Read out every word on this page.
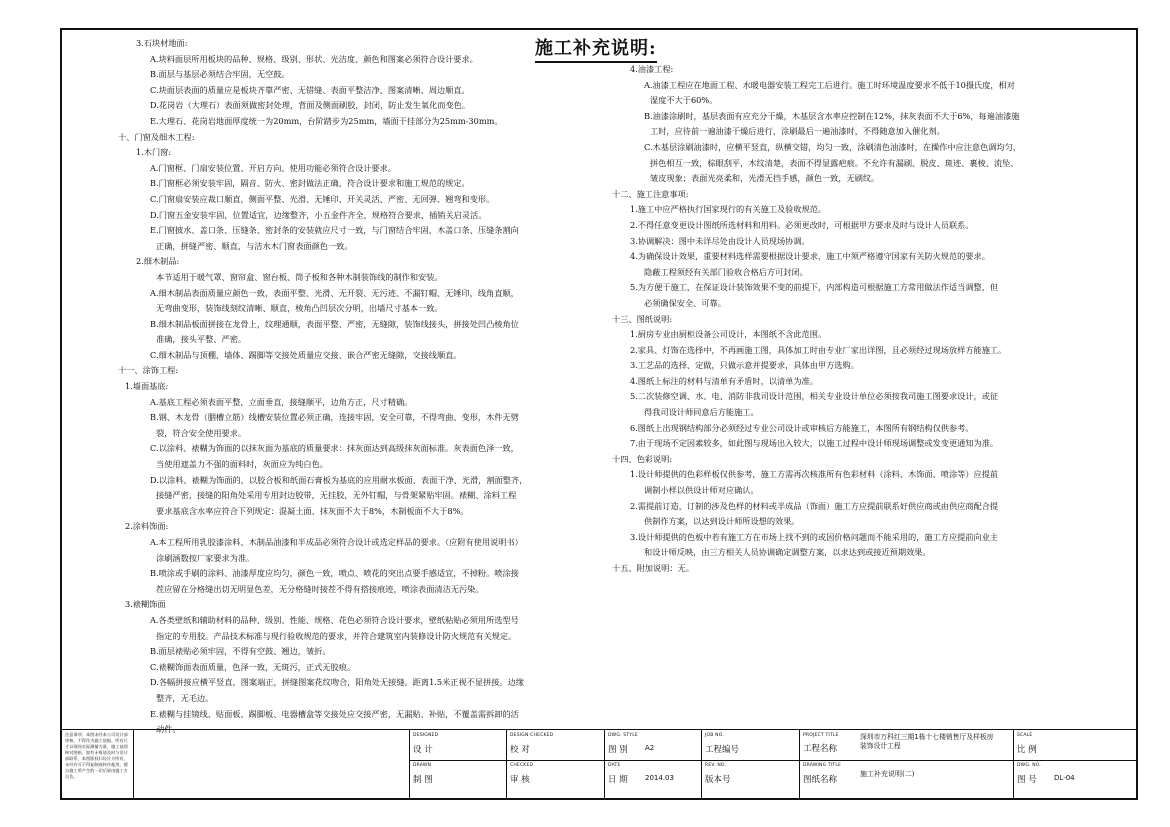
施工补充说明:
3.石块材地面:
A.块料面层所用板块的品种、规格、级别、形状、光洁度、颜色和图案必须符合设计要求。
B.面层与基层必须结合牢固，无空鼓。
C.块面层表面的质量应是板块齐靠严密、无错缝、表面平整洁净、图案清晰、周边顺直。
D.花岗岩（大理石）表面须做密封处理，背面及侧面刷胶，封闭，防止发生氧化而变色。
E.大理石、花岗岩地面厚度统一为20mm，台阶踏步为25mm，墙面干挂部分为25mm-30mm。
十、门窗及细木工程:
1.木门窗:
A.门窗框、门扇安装位置、开启方向、使用功能必须符合设计要求。
B.门窗框必须安装牢固，隔音、防火、密封做法正确，符合设计要求和施工规范的规定。
C.门窗扇安装应裁口顺直，侧面平整、光滑、无锤印、开关灵活、严密、无回弹、翘弯和变形。
D.门窗五金安装牢固，位置适宜，边缘整齐，小五金件齐全，规格符合要求，插销关启灵活。
E.门窗披水、盖口条、压缝条、密封条的安装就应尺寸一致，与门窗结合牢固，木盖口条、压缝条割向
正确，拼缝严密、顺直，与洁水木门窗表面颜色一致。
2.细木制品:
本节适用于暖气罩、窗帘盒、窗台板、筒子板和各种木制装饰线的制作和安装。
A.细木制品表面质量应颜色一致，表面平整、光滑、无开裂、无污迹、不漏钉帽、无锤印，线角直顺，
无弯曲变形，装饰线刻纹清晰、顺直，棱角凸凹层次分明，出墙尺寸基本一致。
B.细木制品板面拼接在龙骨上，纹理通顺，表面平整、严密，无缝隙，装饰线接头，拼接处凹凸棱角位
准确，接头平整、严密。
C.细木制品与顶棚、墙体、踢脚等交接处质量应交接、嵌合严密无缝隙，交接线顺直。
十一、涂饰工程:
1.墙面基底:
A.基底工程必须表面平整，立面垂直，接缝顺平，边角方正，尺寸精确。
B.钢、木龙骨（胭槽立筋）线槽安装位置必须正确，连接牢固，安全可靠，不得弯曲、变形，木件无劈
裂，符合安全使用要求。
C.以涂料、裱糊为饰面的以抹灰面为基底的质量要求：抹灰面达到高级抹灰面标准。灰表面色泽一致，
当使用遮盖力不强的面料时，灰面应为纯白色。
D.以涂料、裱糊为饰面的，以胶合板和纸面石膏板为基底的应用耐水板面、表面干净、光滑，割面整齐，
接缝严密，接缝的阳角处采用专用封边胶带，无挂胶，无外钉帽，与骨架紧贴牢固。裱糊、涂料工程
要求基底含水率应符合下列规定：混凝土面、抹灰面不大于8%，木制板面不大于8%。
2.涂料饰面:
A.本工程所用乳胶漆涂料、木制品油漆和半成品必须符合设计或选定样品的要求。（应附有使用说明书）
涂刷涵数按厂家要求为准。
B.喷涂或手刷的涂料、油漆厚度应均匀，颜色一致，喷点、喷花的突出点要手感适宜，不掉粉。喷涂接
茬应留在分格缝出切无明显色差，无分格缝时接茬不得有搭接痕迹，喷涂表面清洁无污染。
3.裱糊饰面
A.各类壁纸和辅助材料的品种、级别、性能、规格、花色必须符合设计要求，壁纸粘贴必须用所选型号
指定的专用胶。产品技术标准与现行验收规范的要求，并符合建筑室内装修设计防火规范有关规定。
B.面层裱贴必须牢固，不得有空鼓、翘边，皱折。
C.裱糊饰面表面质量，色泽一致，无斑污，正式无胶痕。
D.各幅拼接应横平竖直，图案端正，拼缝图案花纹吻合，阳角处无接缝。距离1.5米正视不显拼接。边缘
整齐，无毛边。
E.裱糊与挂镜线、贴面板、踢脚板、电器槽盒等交接处应交接严密，无漏贴、补贴，不覆盖需拆卸的活
动件。
4.油漆工程:
A.油漆工程应在地面工程、水暖电器安装工程完工后进行。施工时环境温度要求不低于10摄氏度，相对
湿度不大于60%。
B.油漆涂刷时，基层表面有应充分干燥，木基层含水率应控制在12%，抹灰表面不大于6%，每遍油漆施
工时，应待前一遍油漆干燥后进行，涂刷最后一遍油漆时，不得随意加入催化剂。
C.木基层涂刷油漆时，应横平竖直，纵横交错，均匀一致，涂刷清色油漆时，在操作中应注意色调均匀，
拼色相互一致，棕眼刮平，木纹清楚，表面不得显露疤痕。不允许有漏刷、脱皮、斑迹、裹棱、流坠、
皱皮现象；表面光亮柔和，光滑无挡手感，颜色一致，无刷纹。
十二、施工注意事项:
1.施工中应严格执行国家现行的有关施工及验收规范。
2.不得任意变更设计图纸所选材料和用料。必须更改时，可根据甲方要求及时与设计人员联系。
3.协调解决：图中未详尽处由设计人员现场协调。
4.为确保设计效果，重要材料选样需要根据设计要求，施工中须严格遵守国家有关防火规范的要求。
隐蔽工程须经有关部门验收合格后方可封闭。
5.为方便于施工，在保证设计装饰效果不变的前提下，内部构造可根据施工方常用做法作适当调整，但
必须确保安全、可靠。
十三、图纸说明:
1.厨房专业由厨柜设备公司设计，本图纸不含此范围。
2.家具、灯饰在选择中，不再画施工图，具体加工时由专业厂家出详图，且必须经过现场放样方能施工。
3.工艺品的选择、定做，只做示意并提要求，具体由甲方选购。
4.图纸上标注的材料与清单有矛盾时，以清单为准。
5.二次装修空调、水、电、消防非我司设计范围，相关专业设计单位必须按我司施工图要求设计，或征
得我司设计师同意后方能施工。
6.图纸上出现钢结构部分必须经过专业公司设计或审核后方能施工，本图所有钢结构仅供参考。
7.由于现场不定因素较多，如此图与现场出入较大，以施工过程中设计师现场调整或发变更通知为准。
十四、色彩说明:
1.设计师提供的色彩样板仅供参考，施工方需再次核准所有色彩材料（涂料、木饰面、喷涂等）应提前
调制小样以供设计师对应确认。
2.需提前订造，订制的涉及色样的材料或半成品（饰面）施工方应提前联系好供应商或由供应商配合提
供制作方案，以达到设计师所设想的效果。
3.设计师提供的色板中若有施工方在市场上找不到的或因价格问题而不能采用的，施工方应提前向业主
和设计师反映，由三方相关人员协调确定调整方案，以求达到或接近预期效果。
十五、附加说明：无。
注意事项：本图未经本公司设计部审核，不得作为施工依据。所有尺寸以现场实际测量为准，施工前须核对图纸，如有矛盾请及时与设计部联系，本图版权归设计方所有，未经许可不得复制或转作他用，擅自施工所产生的一切后果由施工方自负。
DESIGNED
设 计
DRAWN
制 图
DESIGN CHECKED
校 对
CHECKED
审 核
DWG. STYLE
图 别 A2
DATE
日 期 2014.03
JOB NO.
工程编号
REV. NO.
版本号
PROJECT TITLE
工程名称
深圳市万科红三期1栋十七楼销售厅及样板房装饰设计工程
DRAWING TITLE
图纸名称
施工补充说明(二)
SCALE
比 例
DWG. NO.
图 号 DL-04
